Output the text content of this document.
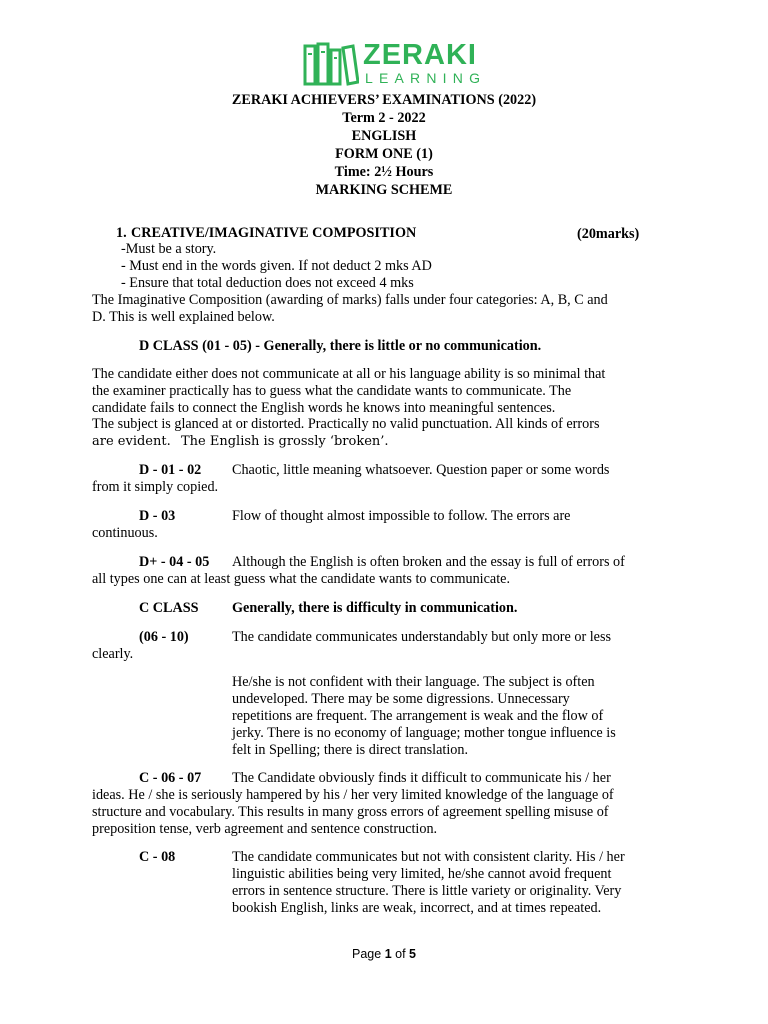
ZERAKI
LEARNING
ZERAKI ACHIEVERS’ EXAMINATIONS (2022)
Term 2 - 2022
ENGLISH
FORM ONE (1)
Time: 2½ Hours
MARKING SCHEME
1. CREATIVE/IMAGINATIVE COMPOSITION	(20marks)
-Must be a story.
- Must end in the words given. If not deduct 2 mks AD
- Ensure that total deduction does not exceed 4 mks
The Imaginative Composition (awarding of marks) falls under four categories: A, B, C and
D. This is well explained below.
D CLASS (01 - 05) - Generally, there is little or no communication.
The candidate either does not communicate at all or his language ability is so minimal that
the examiner practically has to guess what the candidate wants to communicate. The
candidate fails to connect the English words he knows into meaningful sentences.
The subject is glanced at or distorted. Practically no valid punctuation. All kinds of errors
are evident. The English is grossly ‘broken’.
D - 01 - 02 Chaotic, little meaning whatsoever. Question paper or some words
from it simply copied.
D - 03	Flow of thought almost impossible to follow. The errors are
continuous.
D+ - 04 - 05 Although the English is often broken and the essay is full of errors of
all types one can at least guess what the candidate wants to communicate.
C CLASS Generally, there is difficulty in communication.
(06 - 10)	The candidate communicates understandably but only more or less
clearly.
He/she is not confident with their language. The subject is often
undeveloped. There may be some digressions. Unnecessary
repetitions are frequent. The arrangement is weak and the flow of
jerky. There is no economy of language; mother tongue influence is
felt in Spelling; there is direct translation.
C - 06 - 07 The Candidate obviously finds it difficult to communicate his / her
ideas. He / she is seriously hampered by his / her very limited knowledge of the language of
structure and vocabulary. This results in many gross errors of agreement spelling misuse of
preposition tense, verb agreement and sentence construction.
C - 08	The candidate communicates but not with consistent clarity. His / her
linguistic abilities being very limited, he/she cannot avoid frequent
errors in sentence structure. There is little variety or originality. Very
bookish English, links are weak, incorrect, and at times repeated.
Page 1 of 5
